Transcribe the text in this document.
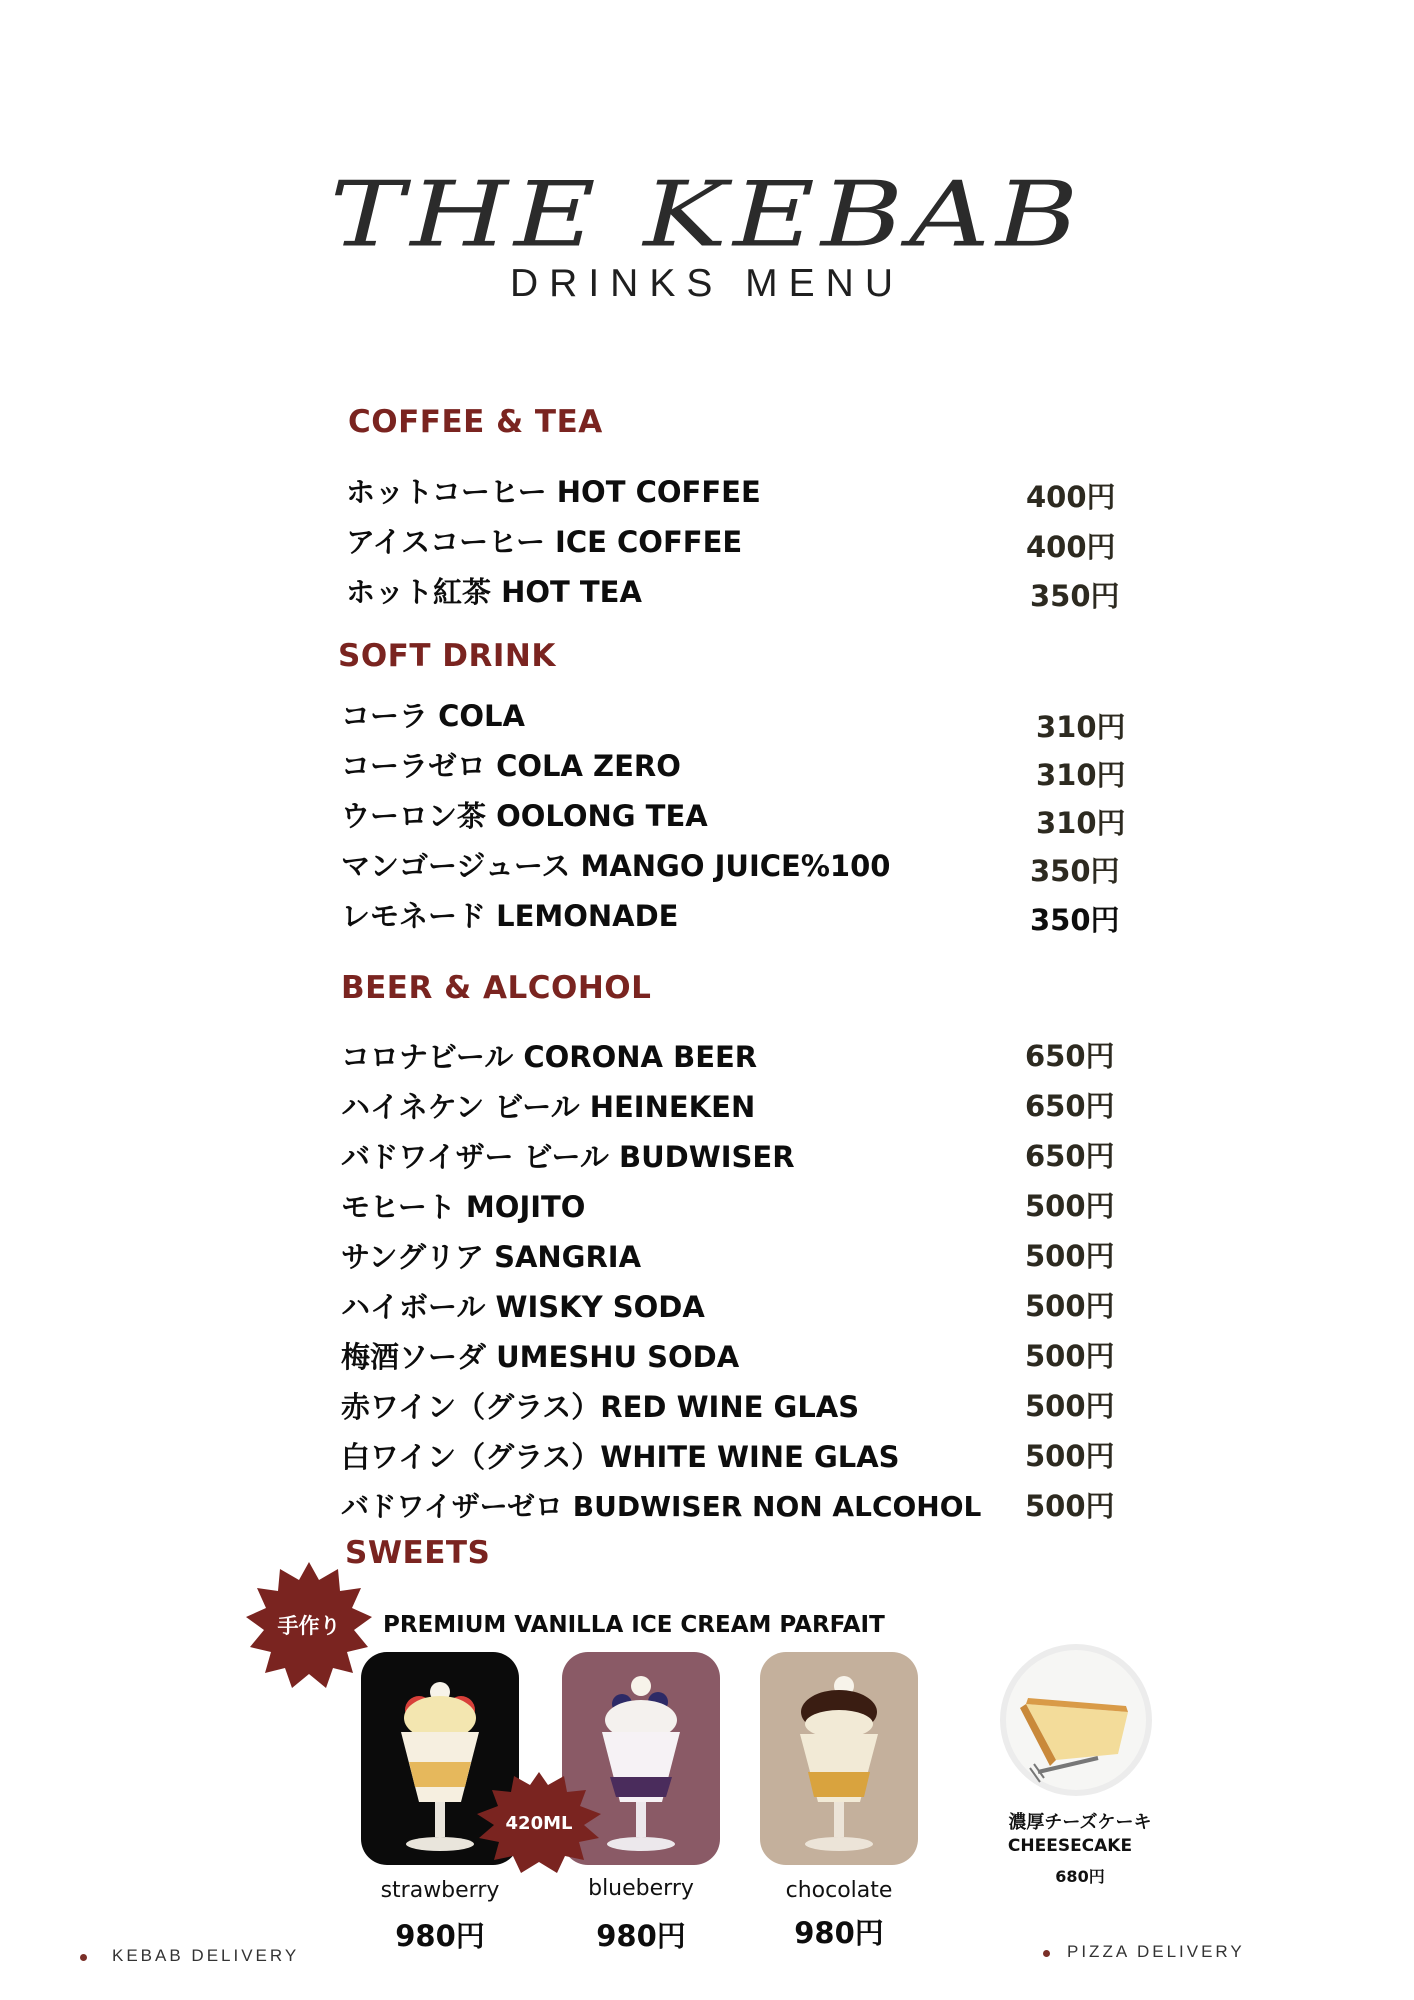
THE KEBAB
DRINKS MENU
COFFEE & TEA
ホットコーヒー HOT COFFEE	400円
アイスコーヒー ICE COFFEE	400円
ホット紅茶 HOT TEA	350円
SOFT DRINK
コーラ COLA	310円
コーラゼロ COLA ZERO	310円
ウーロン茶 OOLONG TEA	310円
マンゴージュース MANGO JUICE%100	350円
レモネード LEMONADE	350円
BEER & ALCOHOL
コロナビール CORONA BEER	650円
ハイネケン ビール HEINEKEN	650円
バドワイザー ビール BUDWISER	650円
モヒート MOJITO	500円
サングリア SANGRIA	500円
ハイボール WISKY SODA	500円
梅酒ソーダ UMESHU SODA	500円
赤ワイン（グラス）RED WINE GLAS	500円
白ワイン（グラス）WHITE WINE GLAS	500円
バドワイザーゼロ BUDWISER NON ALCOHOL 500円
SWEETS
手作り PREMIUM VANILLA ICE CREAM PARFAIT
420ML
strawberry
980円
blueberry
980円
chocolate
980円
濃厚チーズケーキ
CHEESECAKE
680円
KEBAB DELIVERY	PIZZA DELIVERY
